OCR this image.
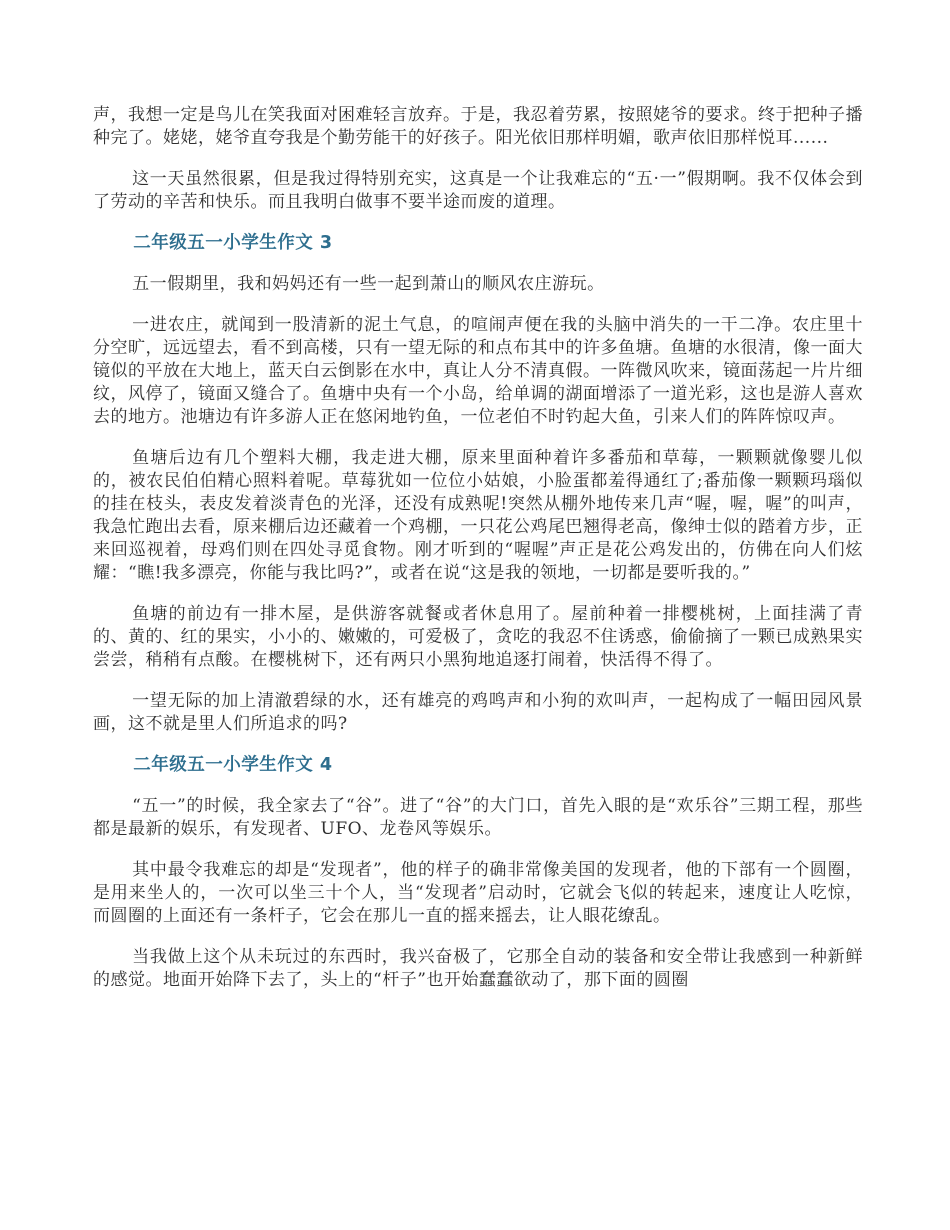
声，我想一定是鸟儿在笑我面对困难轻言放弃。于是，我忍着劳累，按照姥爷的要求。终于把种子播种完了。姥姥，姥爷直夸我是个勤劳能干的好孩子。阳光依旧那样明媚，歌声依旧那样悦耳......

这一天虽然很累，但是我过得特别充实，这真是一个让我难忘的“五·一”假期啊。我不仅体会到了劳动的辛苦和快乐。而且我明白做事不要半途而废的道理。

二年级五一小学生作文 3

五一假期里，我和妈妈还有一些一起到萧山的顺风农庄游玩。

一进农庄，就闻到一股清新的泥土气息，的喧闹声便在我的头脑中消失的一干二净。农庄里十分空旷，远远望去，看不到高楼，只有一望无际的和点布其中的许多鱼塘。鱼塘的水很清，像一面大镜似的平放在大地上，蓝天白云倒影在水中，真让人分不清真假。一阵微风吹来，镜面荡起一片片细纹，风停了，镜面又缝合了。鱼塘中央有一个小岛，给单调的湖面增添了一道光彩，这也是游人喜欢去的地方。池塘边有许多游人正在悠闲地钓鱼，一位老伯不时钓起大鱼，引来人们的阵阵惊叹声。

鱼塘后边有几个塑料大棚，我走进大棚，原来里面种着许多番茄和草莓，一颗颗就像婴儿似的，被农民伯伯精心照料着呢。草莓犹如一位位小姑娘，小脸蛋都羞得通红了;番茄像一颗颗玛瑙似的挂在枝头，表皮发着淡青色的光泽，还没有成熟呢!突然从棚外地传来几声“喔，喔，喔”的叫声，我急忙跑出去看，原来棚后边还藏着一个鸡棚，一只花公鸡尾巴翘得老高，像绅士似的踏着方步，正来回巡视着，母鸡们则在四处寻觅食物。刚才听到的“喔喔”声正是花公鸡发出的，仿佛在向人们炫耀：“瞧!我多漂亮，你能与我比吗?”，或者在说“这是我的领地，一切都是要听我的。”

鱼塘的前边有一排木屋，是供游客就餐或者休息用了。屋前种着一排樱桃树，上面挂满了青的、黄的、红的果实，小小的、嫩嫩的，可爱极了，贪吃的我忍不住诱惑，偷偷摘了一颗已成熟果实尝尝，稍稍有点酸。在樱桃树下，还有两只小黑狗地追逐打闹着，快活得不得了。

一望无际的加上清澈碧绿的水，还有雄亮的鸡鸣声和小狗的欢叫声，一起构成了一幅田园风景画，这不就是里人们所追求的吗?

二年级五一小学生作文 4

“五一”的时候，我全家去了“谷”。进了“谷”的大门口，首先入眼的是“欢乐谷”三期工程，那些都是最新的娱乐，有发现者、UFO、龙卷风等娱乐。

其中最令我难忘的却是“发现者”，他的样子的确非常像美国的发现者，他的下部有一个圆圈，是用来坐人的，一次可以坐三十个人，当“发现者”启动时，它就会飞似的转起来，速度让人吃惊，而圆圈的上面还有一条杆子，它会在那儿一直的摇来摇去，让人眼花缭乱。

当我做上这个从未玩过的东西时，我兴奋极了，它那全自动的装备和安全带让我感到一种新鲜的感觉。地面开始降下去了，头上的“杆子”也开始蠢蠢欲动了，那下面的圆圈
